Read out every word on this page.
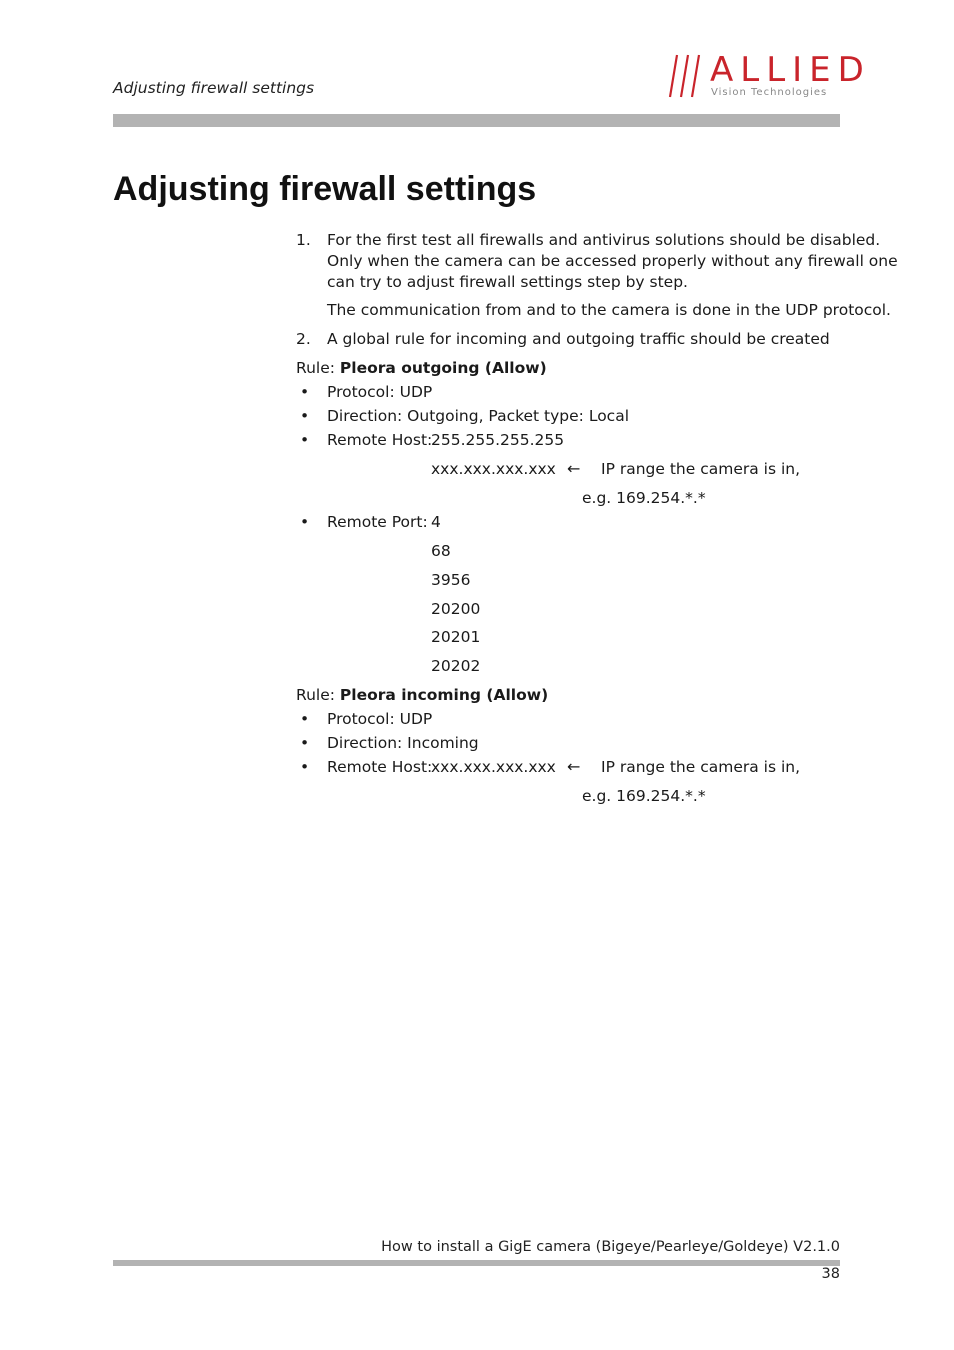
Adjusting firewall settings	ALLIED
Vision Technologies
Adjusting firewall settings
1. For the first test all firewalls and antivirus solutions should be disabled.
Only when the camera can be accessed properly without any firewall one
can try to adjust firewall settings step by step.
The communication from and to the camera is done in the UDP protocol.
2. A global rule for incoming and outgoing traffic should be created
Rule: Pleora outgoing (Allow)
• Protocol: UDP
• Direction: Outgoing, Packet type: Local
• Remote Host:
255.255.255.255
xxx.xxx.xxx.xxx ← IP range the camera is in,
e.g. 169.254.*.*
• Remote Port: 4
68
3956
20200
20201
20202
Rule: Pleora incoming (Allow)
• Protocol: UDP
• Direction: Incoming
• Remote Host:
xxx.xxx.xxx.xxx ← IP range the camera is in,
e.g. 169.254.*.*
How to install a GigE camera (Bigeye/Pearleye/Goldeye) V2.1.0
38
